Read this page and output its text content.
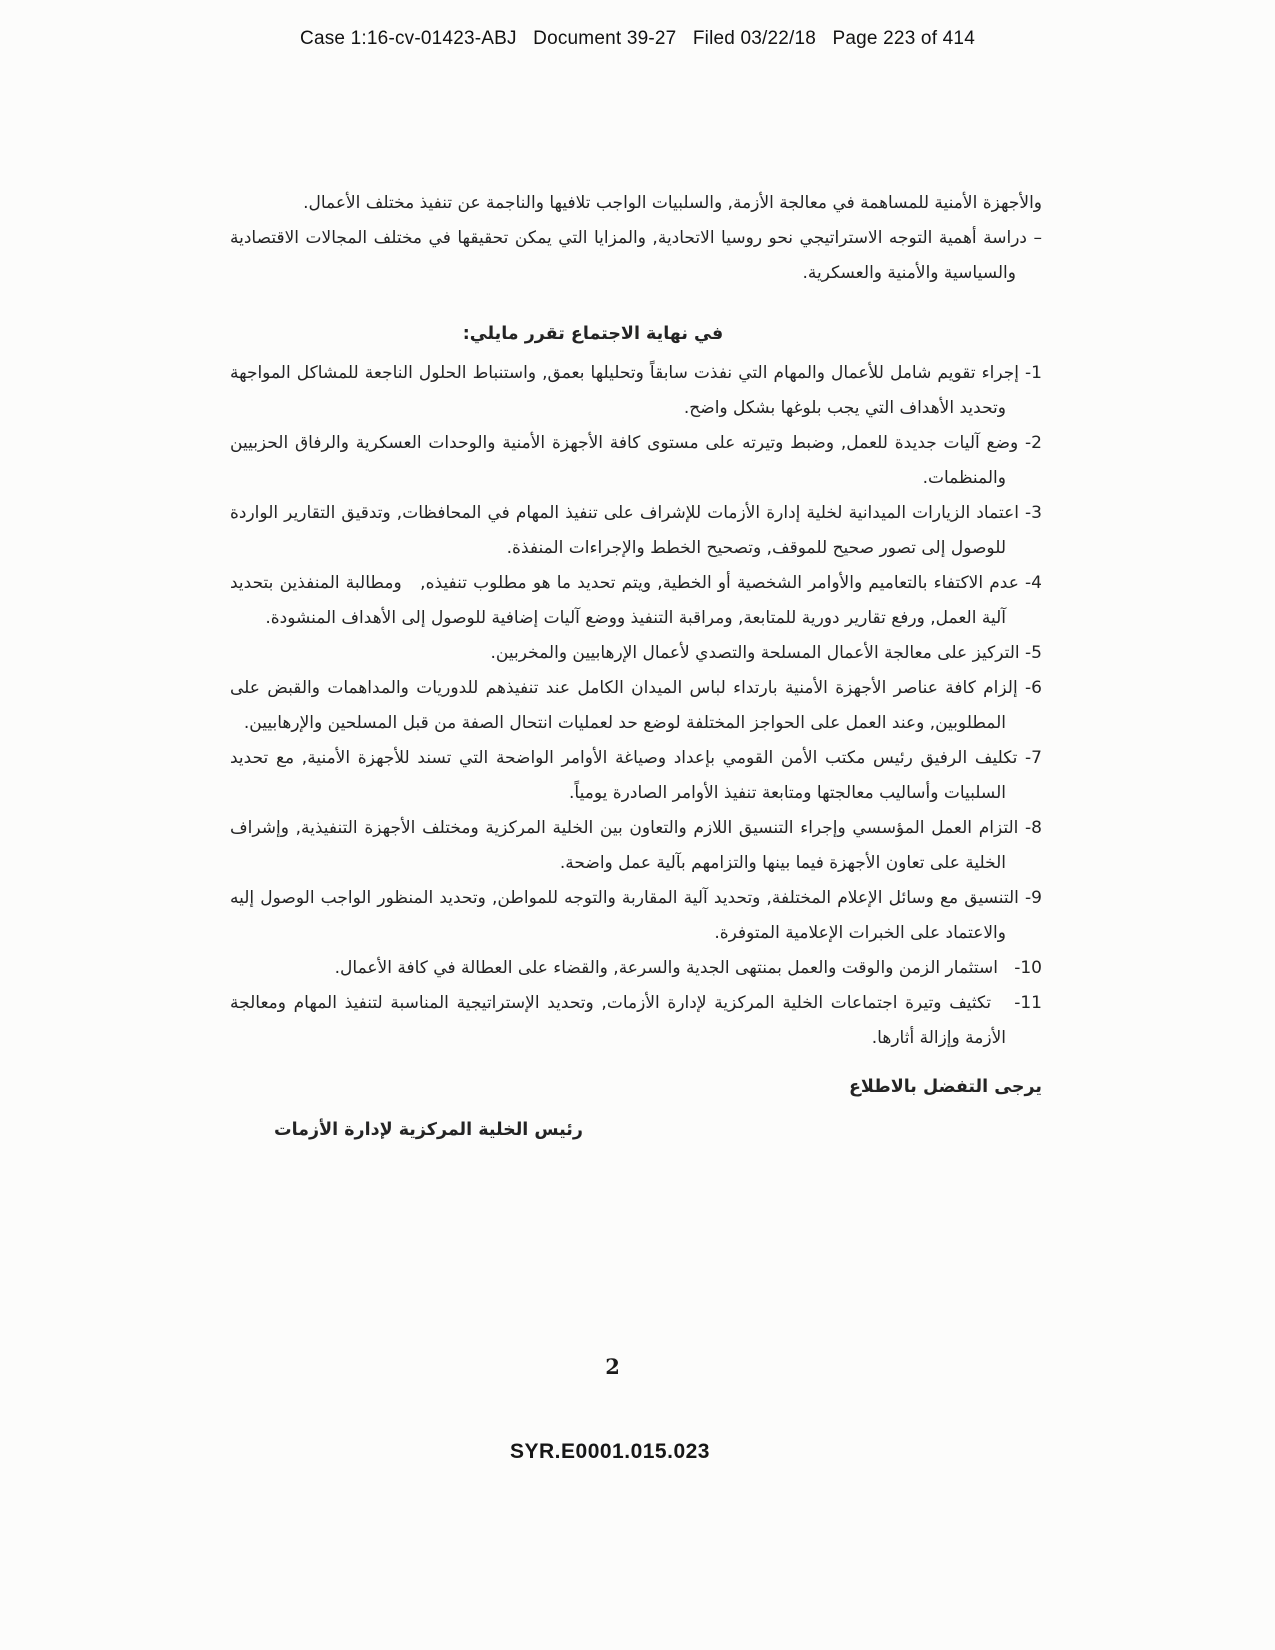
Case 1:16-cv-01423-ABJ   Document 39-27   Filed 03/22/18   Page 223 of 414

والأجهزة الأمنية للمساهمة في معالجة الأزمة, والسلبيات الواجب تلافيها والناجمة عن تنفيذ مختلف الأعمال.

– دراسة أهمية التوجه الاستراتيجي نحو روسيا الاتحادية, والمزايا التي يمكن تحقيقها في مختلف المجالات الاقتصادية والسياسية والأمنية والعسكرية.

في نهاية الاجتماع تقرر مايلي:

1- إجراء تقويم شامل للأعمال والمهام التي نفذت سابقاً وتحليلها بعمق, واستنباط الحلول الناجعة للمشاكل المواجهة وتحديد الأهداف التي يجب بلوغها بشكل واضح.

2- وضع آليات جديدة للعمل, وضبط وتيرته على مستوى كافة الأجهزة الأمنية والوحدات العسكرية والرفاق الحزبيين والمنظمات.

3- اعتماد الزيارات الميدانية لخلية إدارة الأزمات للإشراف على تنفيذ المهام في المحافظات, وتدقيق التقارير الواردة للوصول إلى تصور صحيح للموقف, وتصحيح الخطط والإجراءات المنفذة.

4- عدم الاكتفاء بالتعاميم والأوامر الشخصية أو الخطية, ويتم تحديد ما هو مطلوب تنفيذه,   ومطالبة المنفذين بتحديد آلية العمل, ورفع تقارير دورية للمتابعة, ومراقبة التنفيذ ووضع آليات إضافية للوصول إلى الأهداف المنشودة.

5- التركيز على معالجة الأعمال المسلحة والتصدي لأعمال الإرهابيين والمخربين.

6- إلزام كافة عناصر الأجهزة الأمنية بارتداء لباس الميدان الكامل عند تنفيذهم للدوريات والمداهمات والقبض على المطلوبين, وعند العمل على الحواجز المختلفة لوضع حد لعمليات انتحال الصفة من قبل المسلحين والإرهابيين.

7- تكليف الرفيق رئيس مكتب الأمن القومي بإعداد وصياغة الأوامر الواضحة التي تسند للأجهزة الأمنية, مع تحديد السلبيات وأساليب معالجتها ومتابعة تنفيذ الأوامر الصادرة يومياً.

8- التزام العمل المؤسسي وإجراء التنسيق اللازم والتعاون بين الخلية المركزية ومختلف الأجهزة التنفيذية, وإشراف الخلية على تعاون الأجهزة فيما بينها والتزامهم بآلية عمل واضحة.

9- التنسيق مع وسائل الإعلام المختلفة, وتحديد آلية المقاربة والتوجه للمواطن, وتحديد المنظور الواجب الوصول إليه والاعتماد على الخبرات الإعلامية المتوفرة.

10-   استثمار الزمن والوقت والعمل بمنتهى الجدية والسرعة, والقضاء على العطالة في كافة الأعمال.

11-   تكثيف وتيرة اجتماعات الخلية المركزية لإدارة الأزمات, وتحديد الإستراتيجية المناسبة لتنفيذ المهام ومعالجة الأزمة وإزالة أثارها.

يرجى التفضل بالاطلاع

رئيس الخلية المركزية لإدارة الأزمات

2
SYR.E0001.015.023
